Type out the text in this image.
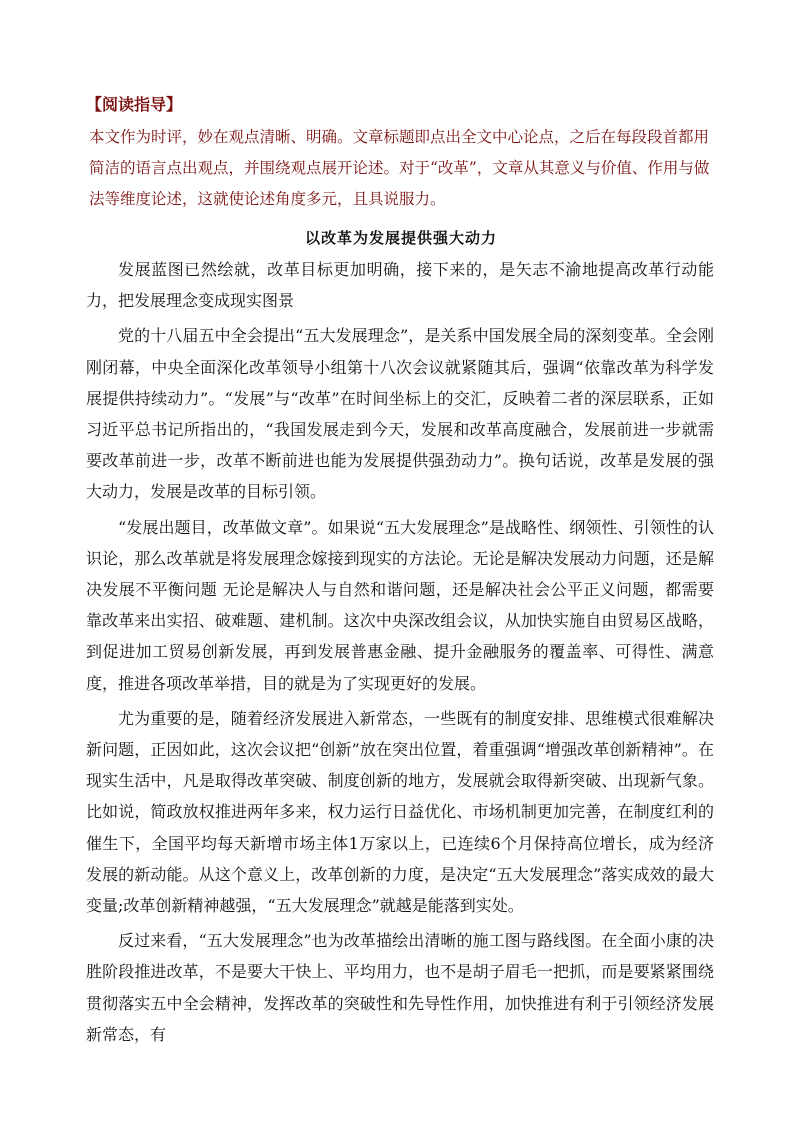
【阅读指导】

本文作为时评，妙在观点清晰、明确。文章标题即点出全文中心论点，之后在每段段首都用简洁的语言点出观点，并围绕观点展开论述。对于“改革”，文章从其意义与价值、作用与做法等维度论述，这就使论述角度多元，且具说服力。

以改革为发展提供强大动力

发展蓝图已然绘就，改革目标更加明确，接下来的，是矢志不渝地提高改革行动能力，把发展理念变成现实图景

党的十八届五中全会提出“五大发展理念”，是关系中国发展全局的深刻变革。全会刚刚闭幕，中央全面深化改革领导小组第十八次会议就紧随其后，强调“依靠改革为科学发展提供持续动力”。“发展”与“改革”在时间坐标上的交汇，反映着二者的深层联系，正如习近平总书记所指出的，“我国发展走到今天，发展和改革高度融合，发展前进一步就需要改革前进一步，改革不断前进也能为发展提供强劲动力”。换句话说，改革是发展的强大动力，发展是改革的目标引领。

“发展出题目，改革做文章”。如果说“五大发展理念”是战略性、纲领性、引领性的认识论，那么改革就是将发展理念嫁接到现实的方法论。无论是解决发展动力问题，还是解决发展不平衡问题 无论是解决人与自然和谐问题，还是解决社会公平正义问题，都需要靠改革来出实招、破难题、建机制。这次中央深改组会议，从加快实施自由贸易区战略，到促进加工贸易创新发展，再到发展普惠金融、提升金融服务的覆盖率、可得性、满意度，推进各项改革举措，目的就是为了实现更好的发展。

尤为重要的是，随着经济发展进入新常态，一些既有的制度安排、思维模式很难解决新问题，正因如此，这次会议把“创新”放在突出位置，着重强调“增强改革创新精神”。在现实生活中，凡是取得改革突破、制度创新的地方，发展就会取得新突破、出现新气象。比如说，简政放权推进两年多来，权力运行日益优化、市场机制更加完善，在制度红利的催生下，全国平均每天新增市场主体1万家以上，已连续6个月保持高位增长，成为经济发展的新动能。从这个意义上，改革创新的力度，是决定“五大发展理念”落实成效的最大变量;改革创新精神越强，“五大发展理念”就越是能落到实处。

反过来看，“五大发展理念”也为改革描绘出清晰的施工图与路线图。在全面小康的决胜阶段推进改革，不是要大干快上、平均用力，也不是胡子眉毛一把抓，而是要紧紧围绕贯彻落实五中全会精神，发挥改革的突破性和先导性作用，加快推进有利于引领经济发展新常态，有
